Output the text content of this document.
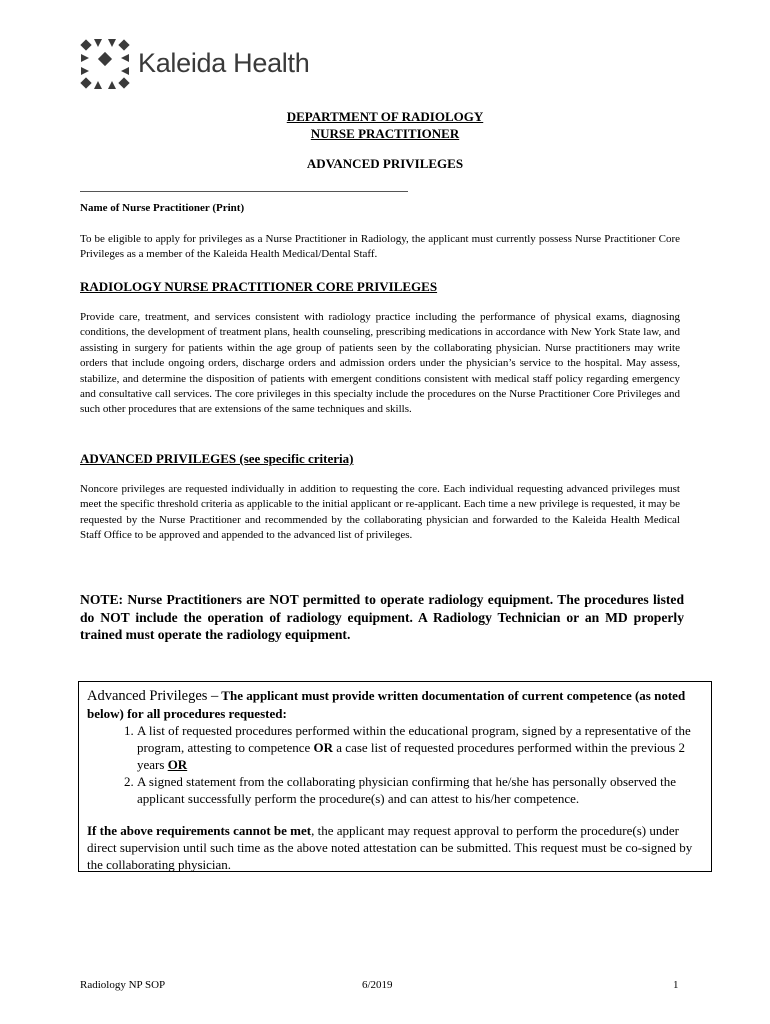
Kaleida Health
DEPARTMENT OF RADIOLOGY
NURSE PRACTITIONER
ADVANCED PRIVILEGES
Name of Nurse Practitioner (Print)
To be eligible to apply for privileges as a Nurse Practitioner in Radiology, the applicant must currently possess Nurse Practitioner Core Privileges as a member of the Kaleida Health Medical/Dental Staff.
RADIOLOGY NURSE PRACTITIONER CORE PRIVILEGES
Provide care, treatment, and services consistent with radiology practice including the performance of physical exams, diagnosing conditions, the development of treatment plans, health counseling, prescribing medications in accordance with New York State law, and assisting in surgery for patients within the age group of patients seen by the collaborating physician. Nurse practitioners may write orders that include ongoing orders, discharge orders and admission orders under the physician’s service to the hospital. May assess, stabilize, and determine the disposition of patients with emergent conditions consistent with medical staff policy regarding emergency and consultative call services. The core privileges in this specialty include the procedures on the Nurse Practitioner Core Privileges and such other procedures that are extensions of the same techniques and skills.
ADVANCED PRIVILEGES (see specific criteria)
Noncore privileges are requested individually in addition to requesting the core. Each individual requesting advanced privileges must meet the specific threshold criteria as applicable to the initial applicant or re-applicant. Each time a new privilege is requested, it may be requested by the Nurse Practitioner and recommended by the collaborating physician and forwarded to the Kaleida Health Medical Staff Office to be approved and appended to the advanced list of privileges.
NOTE: Nurse Practitioners are NOT permitted to operate radiology equipment. The procedures listed do NOT include the operation of radiology equipment. A Radiology Technician or an MD properly trained must operate the radiology equipment.
Advanced Privileges – The applicant must provide written documentation of current competence (as noted below) for all procedures requested:
1. A list of requested procedures performed within the educational program, signed by a representative of the program, attesting to competence OR a case list of requested procedures performed within the previous 2 years OR
2. A signed statement from the collaborating physician confirming that he/she has personally observed the applicant successfully perform the procedure(s) and can attest to his/her competence.

If the above requirements cannot be met, the applicant may request approval to perform the procedure(s) under direct supervision until such time as the above noted attestation can be submitted. This request must be co-signed by the collaborating physician.

Radiology NP SOP	6/2019	1
